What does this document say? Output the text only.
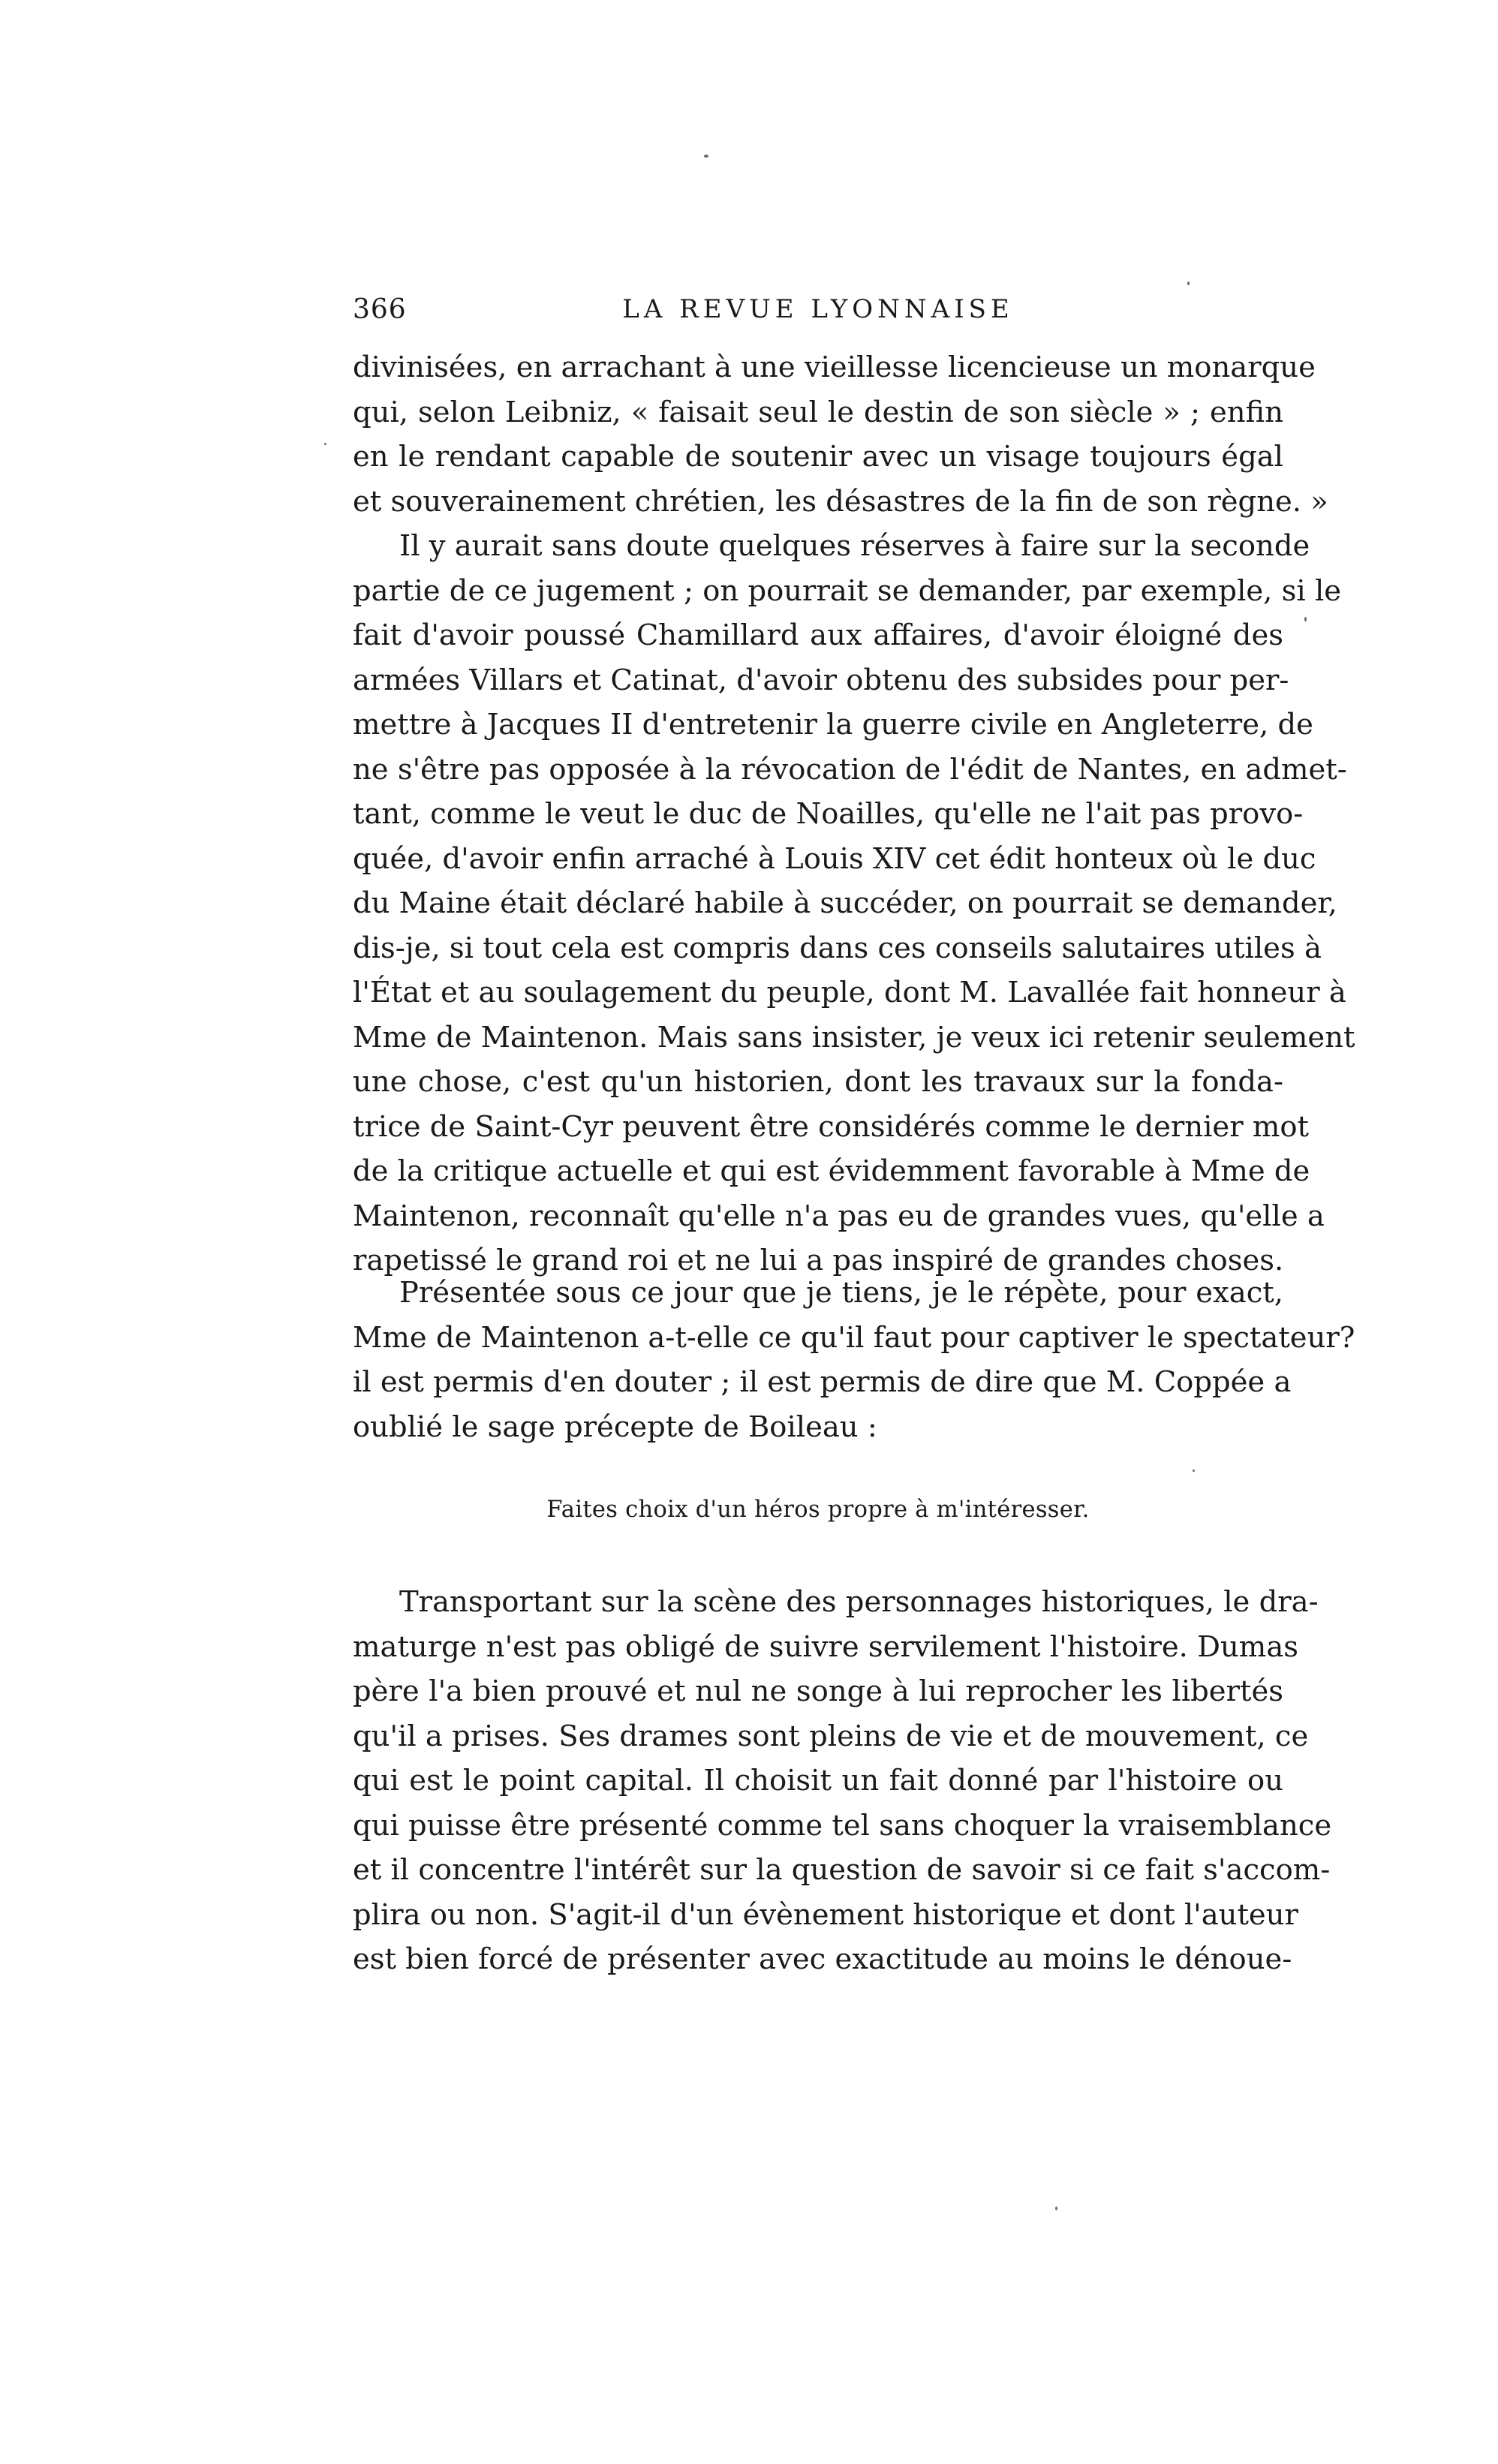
366	LA REVUE LYONNAISE
divinisées, en arrachant à une vieillesse licencieuse un monarque
qui, selon Leibniz, « faisait seul le destin de son siècle » ; enfin
en le rendant capable de soutenir avec un visage toujours égal
et souverainement chrétien, les désastres de la fin de son règne. »
Il y aurait sans doute quelques réserves à faire sur la seconde
partie de ce jugement ; on pourrait se demander, par exemple, si le
fait d'avoir poussé Chamillard aux affaires, d'avoir éloigné des
armées Villars et Catinat, d'avoir obtenu des subsides pour per-
mettre à Jacques II d'entretenir la guerre civile en Angleterre, de
ne s'être pas opposée à la révocation de l'édit de Nantes, en admet-
tant, comme le veut le duc de Noailles, qu'elle ne l'ait pas provo-
quée, d'avoir enfin arraché à Louis XIV cet édit honteux où le duc
du Maine était déclaré habile à succéder, on pourrait se demander,
dis-je, si tout cela est compris dans ces conseils salutaires utiles à
l'État et au soulagement du peuple, dont M. Lavallée fait honneur à
Mme de Maintenon. Mais sans insister, je veux ici retenir seulement
une chose, c'est qu'un historien, dont les travaux sur la fonda-
trice de Saint-Cyr peuvent être considérés comme le dernier mot
de la critique actuelle et qui est évidemment favorable à Mme de
Maintenon, reconnaît qu'elle n'a pas eu de grandes vues, qu'elle a
rapetissé le grand roi et ne lui a pas inspiré de grandes choses.
Présentée sous ce jour que je tiens, je le répète, pour exact,
Mme de Maintenon a-t-elle ce qu'il faut pour captiver le spectateur?
il est permis d'en douter ; il est permis de dire que M. Coppée a
oublié le sage précepte de Boileau :
Faites choix d'un héros propre à m'intéresser.
Transportant sur la scène des personnages historiques, le dra-
maturge n'est pas obligé de suivre servilement l'histoire. Dumas
père l'a bien prouvé et nul ne songe à lui reprocher les libertés
qu'il a prises. Ses drames sont pleins de vie et de mouvement, ce
qui est le point capital. Il choisit un fait donné par l'histoire ou
qui puisse être présenté comme tel sans choquer la vraisemblance
et il concentre l'intérêt sur la question de savoir si ce fait s'accom-
plira ou non. S'agit-il d'un évènement historique et dont l'auteur
est bien forcé de présenter avec exactitude au moins le dénoue-
